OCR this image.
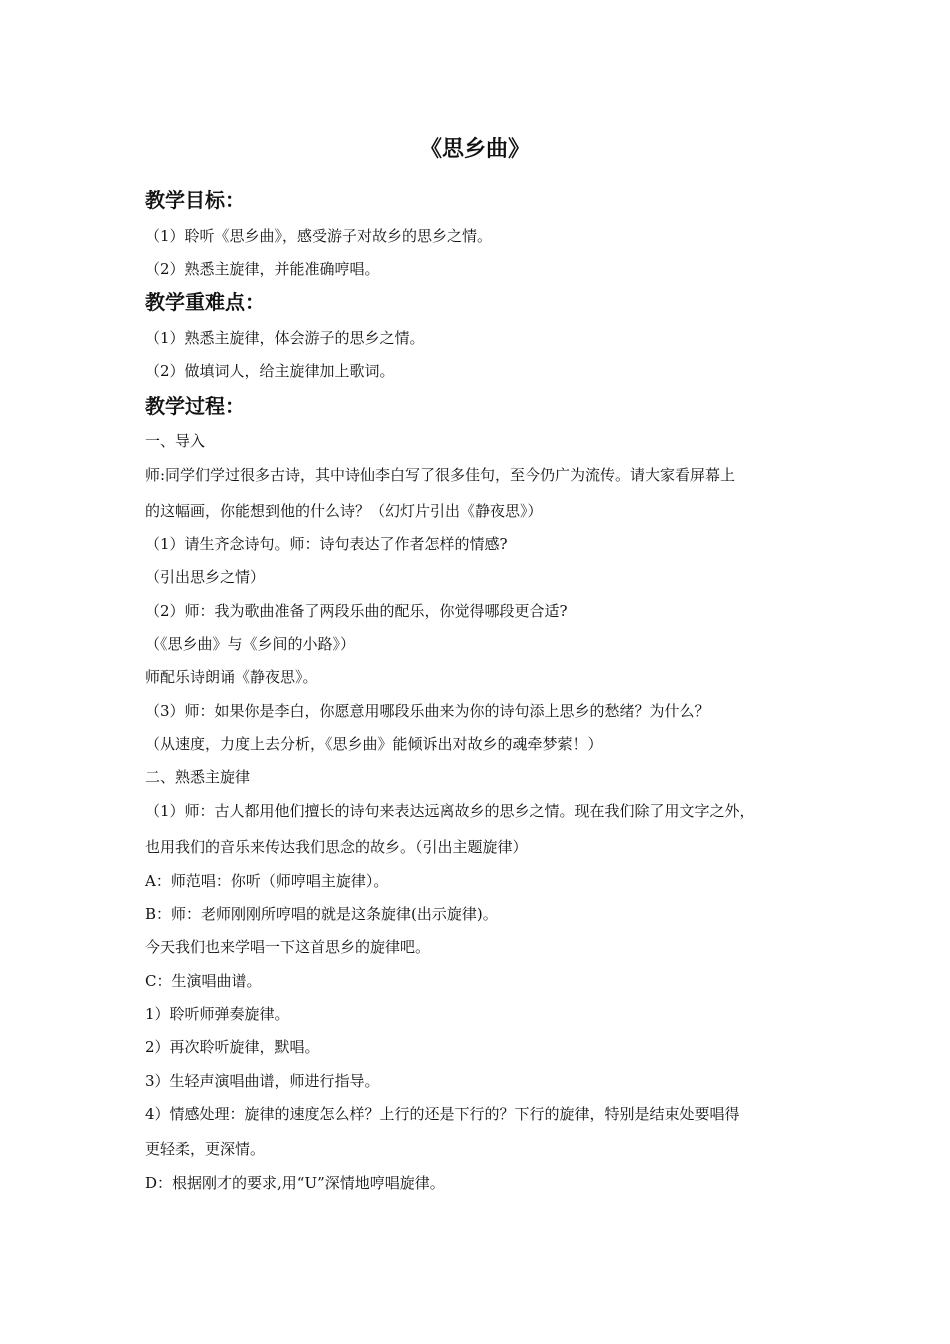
《思乡曲》
教学目标：

（1）聆听《思乡曲》，感受游子对故乡的思乡之情。

（2）熟悉主旋律，并能准确哼唱。

教学重难点：

（1）熟悉主旋律，体会游子的思乡之情。

（2）做填词人，给主旋律加上歌词。

教学过程：

一、导入

师:同学们学过很多古诗，其中诗仙李白写了很多佳句，至今仍广为流传。请大家看屏幕上

的这幅画，你能想到他的什么诗？（幻灯片引出《静夜思》）

（1）请生齐念诗句。师：诗句表达了作者怎样的情感?

（引出思乡之情）

（2）师：我为歌曲准备了两段乐曲的配乐，你觉得哪段更合适?

（《思乡曲》与《乡间的小路》）

师配乐诗朗诵《静夜思》。

（3）师：如果你是李白，你愿意用哪段乐曲来为你的诗句添上思乡的愁绪？为什么？

（从速度，力度上去分析，《思乡曲》能倾诉出对故乡的魂牵梦萦！）

二、熟悉主旋律

（1）师：古人都用他们擅长的诗句来表达远离故乡的思乡之情。现在我们除了用文字之外，

也用我们的音乐来传达我们思念的故乡。（引出主题旋律）

A：师范唱：你听（师哼唱主旋律）。

B：师：老师刚刚所哼唱的就是这条旋律(出示旋律)。

今天我们也来学唱一下这首思乡的旋律吧。

C：生演唱曲谱。

1）聆听师弹奏旋律。

2）再次聆听旋律，默唱。

3）生轻声演唱曲谱，师进行指导。

4）情感处理：旋律的速度怎么样？上行的还是下行的？下行的旋律，特别是结束处要唱得

更轻柔，更深情。

D：根据刚才的要求,用“U”深情地哼唱旋律。
